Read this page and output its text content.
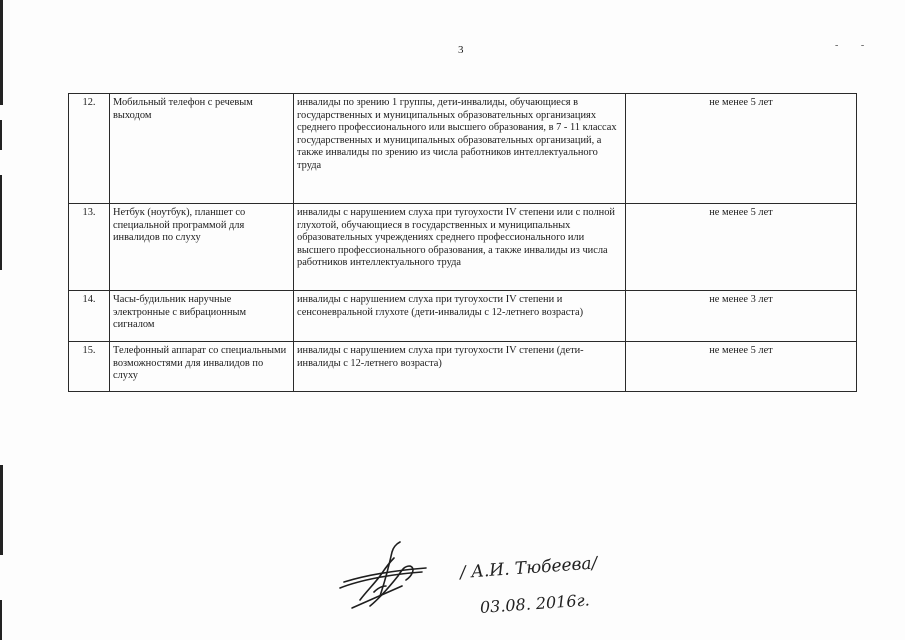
3	- -
12.	Мобильный телефон с речевым выходом	инвалиды по зрению 1 группы, дети-инвалиды, обучающиеся в государственных и муниципальных образовательных организациях среднего профессионального или высшего образования, в 7 - 11 классах государственных и муниципальных образовательных организаций, а также инвалиды по зрению из числа работников интеллектуального труда	не менее 5 лет
13.	Нетбук (ноутбук), планшет со специальной программой для инвалидов по слуху	инвалиды с нарушением слуха при тугоухости IV степени или с полной глухотой, обучающиеся в государственных и муниципальных образовательных учреждениях среднего профессионального или высшего профессионального образования, а также инвалиды из числа работников интеллектуального труда	не менее 5 лет
14.	Часы-будильник наручные электронные с вибрационным сигналом	инвалиды с нарушением слуха при тугоухости IV степени и сенсоневральной глухоте (дети-инвалиды с 12-летнего возраста)	не менее 3 лет
15.	Телефонный аппарат со специальными возможностями для инвалидов по слуху	инвалиды с нарушением слуха при тугоухости IV степени (дети-инвалиды с 12-летнего возраста)	не менее 5 лет
/ А.И. Тюбеева/
03.08. 2016г.
